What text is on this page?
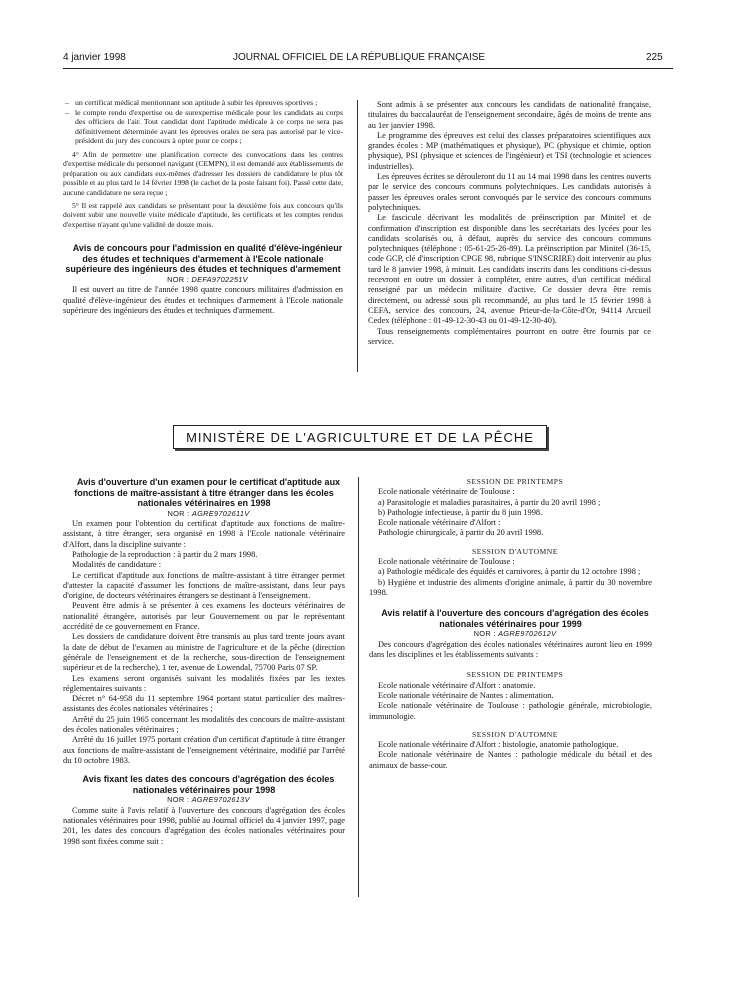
4 janvier 1998	JOURNAL OFFICIEL DE LA RÉPUBLIQUE FRANÇAISE	225
– un certificat médical mentionnant son aptitude à subir les épreuves sportives ;
– le compte rendu d'expertise ou de surexpertise médicale pour les candidats au corps des officiers de l'air. Tout candidat dont l'aptitude médicale à ce corps ne sera pas définitivement déterminée avant les épreuves orales ne sera pas autorisé par le vice-président du jury des concours à opter pour ce corps ;

4° Afin de permettre une planification correcte des convocations dans les centres d'expertise médicale du personnel navigant (CEMPN), il est demandé aux établissements de préparation ou aux candidats eux-mêmes d'adresser les dossiers de candidature le plus tôt possible et au plus tard le 14 février 1998 (le cachet de la poste faisant foi). Passé cette date, aucune candidature ne sera reçue ;

5° Il est rappelé aux candidats se présentant pour la deuxième fois aux concours qu'ils doivent subir une nouvelle visite médicale d'aptitude, les certificats et les comptes rendus d'expertise n'ayant qu'une validité de douze mois.

Avis de concours pour l'admission en qualité d'élève-ingénieur des études et techniques d'armement à l'Ecole nationale supérieure des ingénieurs des études et techniques d'armement

NOR : DEFA9702251V

Il est ouvert au titre de l'année 1998 quatre concours militaires d'admission en qualité d'élève-ingénieur des études et techniques d'armement à l'Ecole nationale supérieure des ingénieurs des études et techniques d'armement.

Sont admis à se présenter aux concours les candidats de nationalité française, titulaires du baccalauréat de l'enseignement secondaire, âgés de moins de trente ans au 1er janvier 1998.

Le programme des épreuves est celui des classes préparatoires scientifiques aux grandes écoles : MP (mathématiques et physique), PC (physique et chimie, option physique), PSI (physique et sciences de l'ingénieur) et TSI (technologie et sciences industrielles).

Les épreuves écrites se dérouleront du 11 au 14 mai 1998 dans les centres ouverts par le service des concours communs polytechniques. Les candidats autorisés à passer les épreuves orales seront convoqués par le service des concours communs polytechniques.

Le fascicule décrivant les modalités de préinscription par Minitel et de confirmation d'inscription est disponible dans les secrétariats des lycées pour les candidats scolarisés ou, à défaut, auprès du service des concours communs polytechniques (téléphone : 05-61-25-26-89). La préinscription par Minitel (36-15, code GCP, clé d'inscription CPGE 98, rubrique S'INSCRIRE) doit intervenir au plus tard le 8 janvier 1998, à minuit. Les candidats inscrits dans les conditions ci-dessus recevront en outre un dossier à compléter, entre autres, d'un certificat médical renseigné par un médecin militaire d'active. Ce dossier devra être remis directement, ou adressé sous pli recommandé, au plus tard le 15 février 1998 à CEFA, service des concours, 24, avenue Prieur-de-la-Côte-d'Or, 94114 Arcueil Cedex (téléphone : 01-49-12-30-43 ou 01-49-12-30-40).

Tous renseignements complémentaires pourront en outre être fournis par ce service.

MINISTÈRE DE L'AGRICULTURE ET DE LA PÊCHE

Avis d'ouverture d'un examen pour le certificat d'aptitude aux fonctions de maître-assistant à titre étranger dans les écoles nationales vétérinaires en 1998

NOR : AGRE9702611V

Un examen pour l'obtention du certificat d'aptitude aux fonctions de maître-assistant, à titre étranger, sera organisé en 1998 à l'Ecole nationale vétérinaire d'Alfort, dans la discipline suivante :

Pathologie de la reproduction : à partir du 2 mars 1998.

Modalités de candidature :

Le certificat d'aptitude aux fonctions de maître-assistant à titre étranger permet d'attester la capacité d'assumer les fonctions de maître-assistant, dans leur pays d'origine, de docteurs vétérinaires étrangers se destinant à l'enseignement.

Peuvent être admis à se présenter à ces examens les docteurs vétérinaires de nationalité étrangère, autorisés par leur Gouvernement ou par le représentant accrédité de ce gouvernement en France.

Les dossiers de candidature doivent être transmis au plus tard trente jours avant la date de début de l'examen au ministre de l'agriculture et de la pêche (direction générale de l'enseignement et de la recherche, sous-direction de l'enseignement supérieur et de la recherche), 1 ter, avenue de Lowendal, 75700 Paris 07 SP.

Les examens seront organisés suivant les modalités fixées par les textes réglementaires suivants :

Décret n° 64-958 du 11 septembre 1964 portant statut particulier des maîtres-assistants des écoles nationales vétérinaires ;

Arrêté du 25 juin 1965 concernant les modalités des concours de maître-assistant des écoles nationales vétérinaires ;

Arrêté du 16 juillet 1975 portant création d'un certificat d'aptitude à titre étranger aux fonctions de maître-assistant de l'enseignement vétérinaire, modifié par l'arrêté du 10 octobre 1983.

Avis fixant les dates des concours d'agrégation des écoles nationales vétérinaires pour 1998

NOR : AGRE9702613V

Comme suite à l'avis relatif à l'ouverture des concours d'agrégation des écoles nationales vétérinaires pour 1998, publié au Journal officiel du 4 janvier 1997, page 201, les dates des concours d'agrégation des écoles nationales vétérinaires pour 1998 sont fixées comme suit :

SESSION DE PRINTEMPS

Ecole nationale vétérinaire de Toulouse :

a) Parasitologie et maladies parasitaires, à partir du 20 avril 1998 ;

b) Pathologie infectieuse, à partir du 8 juin 1998.

Ecole nationale vétérinaire d'Alfort :

Pathologie chirurgicale, à partir du 20 avril 1998.

SESSION D'AUTOMNE

Ecole nationale vétérinaire de Toulouse :

a) Pathologie médicale des équidés et carnivores, à partir du 12 octobre 1998 ;

b) Hygiène et industrie des aliments d'origine animale, à partir du 30 novembre 1998.

Avis relatif à l'ouverture des concours d'agrégation des écoles nationales vétérinaires pour 1999

NOR : AGRE9702612V

Des concours d'agrégation des écoles nationales vétérinaires auront lieu en 1999 dans les disciplines et les établissements suivants :

SESSION DE PRINTEMPS

Ecole nationale vétérinaire d'Alfort : anatomie.

Ecole nationale vétérinaire de Nantes : alimentation.

Ecole nationale vétérinaire de Toulouse : pathologie générale, microbiologie, immunologie.

SESSION D'AUTOMNE

Ecole nationale vétérinaire d'Alfort : histologie, anatomie pathologique.

Ecole nationale vétérinaire de Nantes : pathologie médicale du bétail et des animaux de basse-cour.
